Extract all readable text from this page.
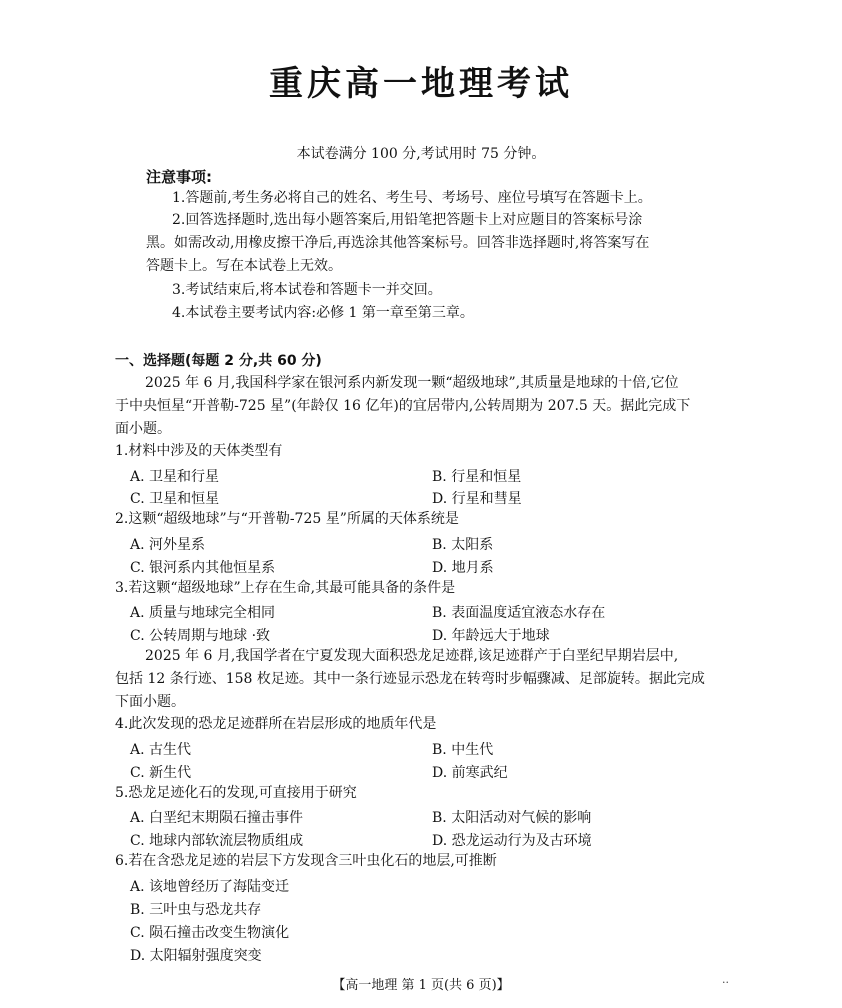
重庆高一地理考试
本试卷满分 100 分,考试用时 75 分钟。
注意事项:
1.答题前,考生务必将自己的姓名、考生号、考场号、座位号填写在答题卡上。
2.回答选择题时,选出每小题答案后,用铅笔把答题卡上对应题目的答案标号涂
黑。如需改动,用橡皮擦干净后,再选涂其他答案标号。回答非选择题时,将答案写在
答题卡上。写在本试卷上无效。
3.考试结束后,将本试卷和答题卡一并交回。
4.本试卷主要考试内容:必修 1 第一章至第三章。
一、选择题(每题 2 分,共 60 分)
2025 年 6 月,我国科学家在银河系内新发现一颗“超级地球”,其质量是地球的十倍,它位
于中央恒星“开普勒-725 星”(年龄仅 16 亿年)的宜居带内,公转周期为 207.5 天。据此完成下
面小题。
1.材料中涉及的天体类型有
A. 卫星和行星	B. 行星和恒星
C. 卫星和恒星	D. 行星和彗星
2.这颗“超级地球”与“开普勒-725 星”所属的天体系统是
A. 河外星系	B. 太阳系
C. 银河系内其他恒星系	D. 地月系
3.若这颗“超级地球”上存在生命,其最可能具备的条件是
A. 质量与地球完全相同	B. 表面温度适宜液态水存在
C. 公转周期与地球 ·致	D. 年龄远大于地球
2025 年 6 月,我国学者在宁夏发现大面积恐龙足迹群,该足迹群产于白垩纪早期岩层中,
包括 12 条行迹、158 枚足迹。其中一条行迹显示恐龙在转弯时步幅骤减、足部旋转。据此完成
下面小题。
4.此次发现的恐龙足迹群所在岩层形成的地质年代是
A. 古生代	B. 中生代
C. 新生代	D. 前寒武纪
5.恐龙足迹化石的发现,可直接用于研究
A. 白垩纪末期陨石撞击事件	B. 太阳活动对气候的影响
C. 地球内部软流层物质组成	D. 恐龙运动行为及古环境
6.若在含恐龙足迹的岩层下方发现含三叶虫化石的地层,可推断
A. 该地曾经历了海陆变迁
B. 三叶虫与恐龙共存
C. 陨石撞击改变生物演化
D. 太阳辐射强度突变
【高一地理 第 1 页(共 6 页)】	··
